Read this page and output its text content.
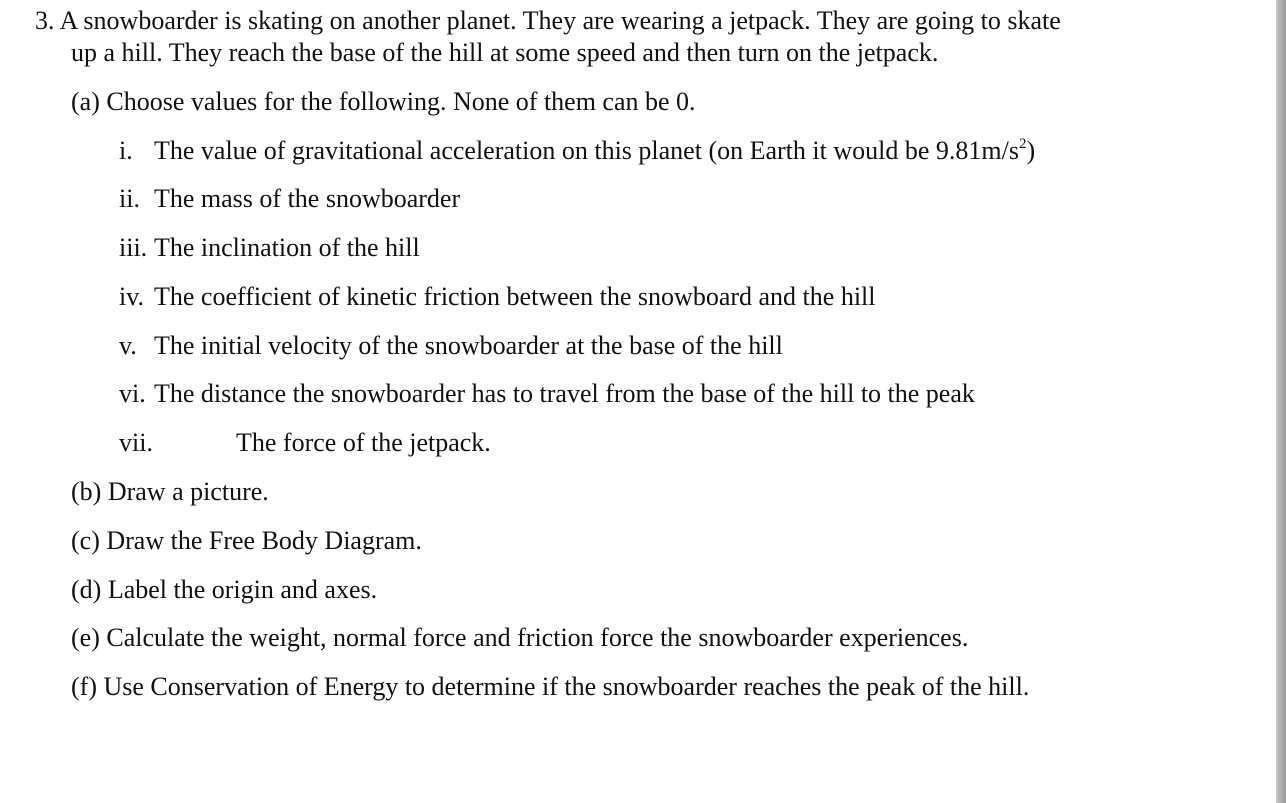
3. A snowboarder is skating on another planet. They are wearing a jetpack. They are going to skate
up a hill. They reach the base of the hill at some speed and then turn on the jetpack.
(a) Choose values for the following. None of them can be 0.
i. The value of gravitational acceleration on this planet (on Earth it would be $9.81m/s^2$)
ii. The mass of the snowboarder
iii. The inclination of the hill
iv. The coefficient of kinetic friction between the snowboard and the hill
v. The initial velocity of the snowboarder at the base of the hill
vi. The distance the snowboarder has to travel from the base of the hill to the peak
vii.	The force of the jetpack.
(b) Draw a picture.
(c) Draw the Free Body Diagram.
(d) Label the origin and axes.
(e) Calculate the weight, normal force and friction force the snowboarder experiences.
(f) Use Conservation of Energy to determine if the snowboarder reaches the peak of the hill.
